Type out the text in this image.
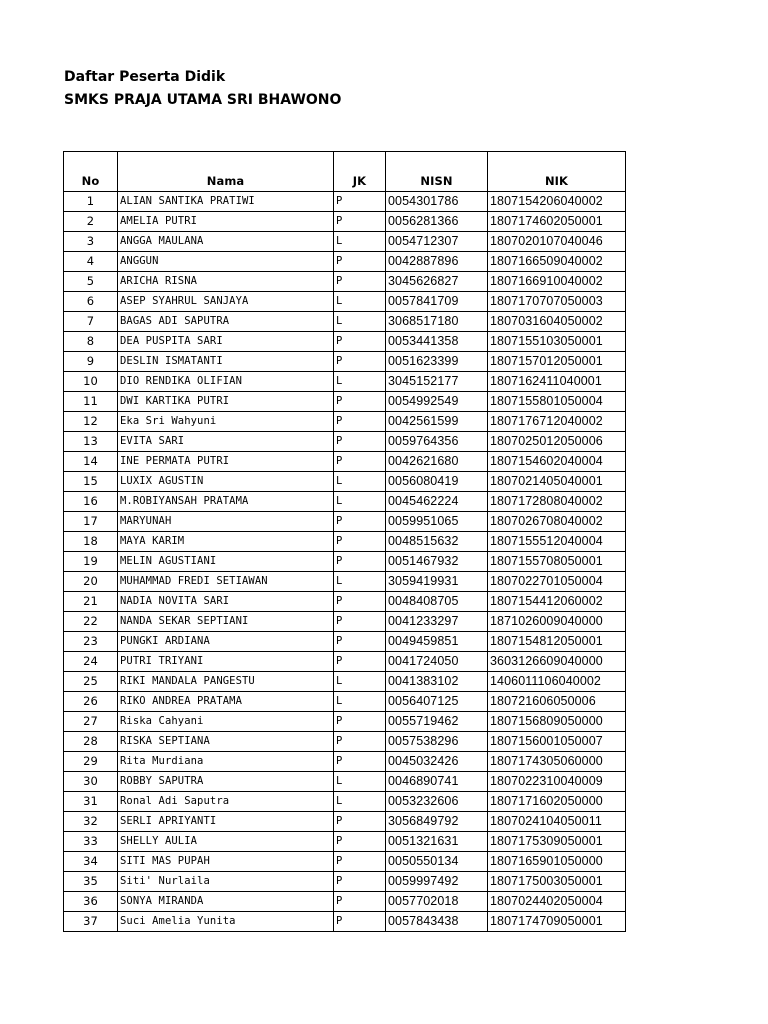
Daftar Peserta Didik
SMKS PRAJA UTAMA SRI BHAWONO
No	Nama	JK	NISN	NIK
1	ALIAN SANTIKA PRATIWI	P	0054301786	1807154206040002
2	AMELIA PUTRI	P	0056281366	1807174602050001
3	ANGGA MAULANA	L	0054712307	1807020107040046
4	ANGGUN	P	0042887896	1807166509040002
5	ARICHA RISNA	P	3045626827	1807166910040002
6	ASEP SYAHRUL SANJAYA	L	0057841709	1807170707050003
7	BAGAS ADI SAPUTRA	L	3068517180	1807031604050002
8	DEA PUSPITA SARI	P	0053441358	1807155103050001
9	DESLIN ISMATANTI	P	0051623399	1807157012050001
10	DIO RENDIKA OLIFIAN	L	3045152177	1807162411040001
11	DWI KARTIKA PUTRI	P	0054992549	1807155801050004
12	Eka Sri Wahyuni	P	0042561599	1807176712040002
13	EVITA SARI	P	0059764356	1807025012050006
14	INE PERMATA PUTRI	P	0042621680	1807154602040004
15	LUXIX AGUSTIN	L	0056080419	1807021405040001
16	M.ROBIYANSAH PRATAMA	L	0045462224	1807172808040002
17	MARYUNAH	P	0059951065	1807026708040002
18	MAYA KARIM	P	0048515632	1807155512040004
19	MELIN AGUSTIANI	P	0051467932	1807155708050001
20	MUHAMMAD FREDI SETIAWAN	L	3059419931	1807022701050004
21	NADIA NOVITA SARI	P	0048408705	1807154412060002
22	NANDA SEKAR SEPTIANI	P	0041233297	1871026009040000
23	PUNGKI ARDIANA	P	0049459851	1807154812050001
24	PUTRI TRIYANI	P	0041724050	3603126609040000
25	RIKI MANDALA PANGESTU	L	0041383102	1406011106040002
26	RIKO ANDREA PRATAMA	L	0056407125	180721606050006
27	Riska Cahyani	P	0055719462	1807156809050000
28	RISKA SEPTIANA	P	0057538296	1807156001050007
29	Rita Murdiana	P	0045032426	1807174305060000
30	ROBBY SAPUTRA	L	0046890741	1807022310040009
31	Ronal Adi Saputra	L	0053232606	1807171602050000
32	SERLI APRIYANTI	P	3056849792	1807024104050011
33	SHELLY AULIA	P	0051321631	1807175309050001
34	SITI MAS PUPAH	P	0050550134	1807165901050000
35	Siti' Nurlaila	P	0059997492	1807175003050001
36	SONYA MIRANDA	P	0057702018	1807024402050004
37	Suci Amelia Yunita	P	0057843438	1807174709050001
